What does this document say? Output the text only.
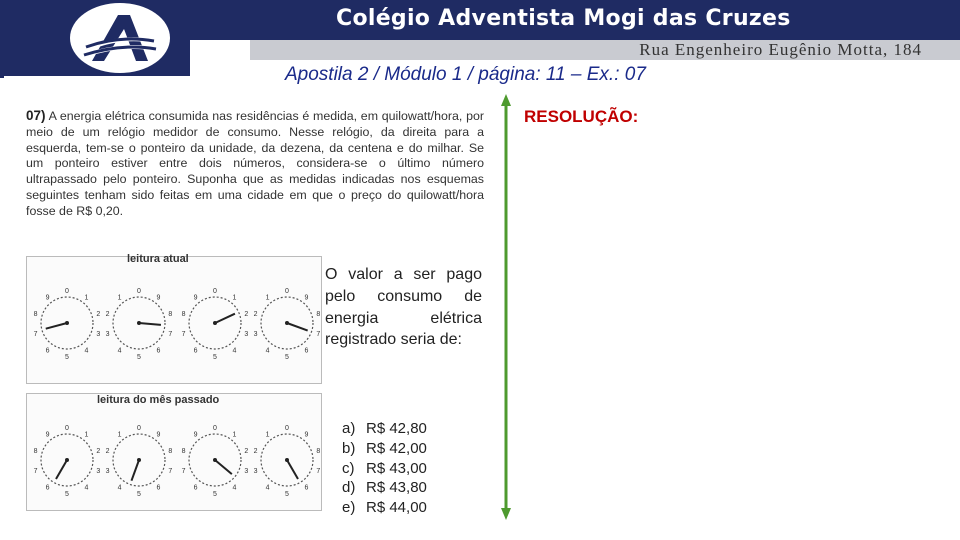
Colégio Adventista Mogi das Cruzes
Rua Engenheiro Eugênio Motta, 184
Apostila 2 / Módulo 1 / página: 11 – Ex.: 07
07) A energia elétrica consumida nas residências é medida, em quilowatt/hora, por meio de um relógio medidor de consumo. Nesse relógio, da direita para a esquerda, tem-se o ponteiro da unidade, da dezena, da centena e do milhar. Se um ponteiro estiver entre dois números, considera-se o último número ultrapassado pelo ponteiro. Suponha que as medidas indicadas nos esquemas seguintes tenham sido feitas em uma cidade em que o preço do quilowatt/hora fosse de R$ 0,20.
leitura atual
0
1
2
3
4
5
6
7
8
9
0
1
2
3
4
5
6
7
8
9
0
1
2
3
4
5
6
7
8
9
0
1
2
3
4
5
6
7
8
9
leitura do mês passado
0
1
2
3
4
5
6
7
8
9
0
1
2
3
4
5
6
7
8
9
0
1
2
3
4
5
6
7
8
9
0
1
2
3
4
5
6
7
8
9
O valor a ser pago pelo consumo de energia elétrica registrado seria de:
a) R$ 42,80
b) R$ 42,00
c) R$ 43,00
d) R$ 43,80
e) R$ 44,00
RESOLUÇÃO:
